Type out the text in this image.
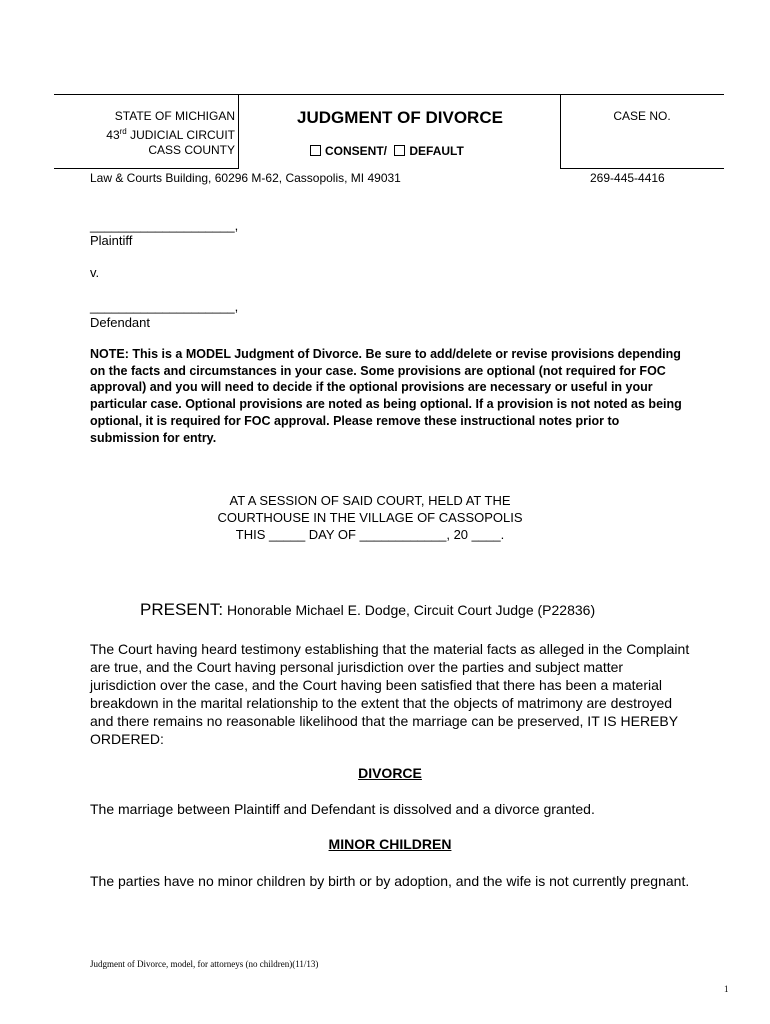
STATE OF MICHIGAN
43rd JUDICIAL CIRCUIT
CASS COUNTY
JUDGMENT OF DIVORCE
CONSENT/ DEFAULT
CASE NO.
Law & Courts Building, 60296 M-62, Cassopolis, MI 49031	269-445-4416
____________________,
Plaintiff
v.
____________________,
Defendant
NOTE: This is a MODEL Judgment of Divorce. Be sure to add/delete or revise provisions depending on the facts and circumstances in your case. Some provisions are optional (not required for FOC approval) and you will need to decide if the optional provisions are necessary or useful in your particular case. Optional provisions are noted as being optional. If a provision is not noted as being optional, it is required for FOC approval. Please remove these instructional notes prior to submission for entry.
AT A SESSION OF SAID COURT, HELD AT THE
COURTHOUSE IN THE VILLAGE OF CASSOPOLIS
THIS _____ DAY OF ____________, 20 ____.
PRESENT: Honorable Michael E. Dodge, Circuit Court Judge (P22836)
The Court having heard testimony establishing that the material facts as alleged in the Complaint are true, and the Court having personal jurisdiction over the parties and subject matter jurisdiction over the case, and the Court having been satisfied that there has been a material breakdown in the marital relationship to the extent that the objects of matrimony are destroyed and there remains no reasonable likelihood that the marriage can be preserved, IT IS HEREBY ORDERED:
DIVORCE
The marriage between Plaintiff and Defendant is dissolved and a divorce granted.
MINOR CHILDREN
The parties have no minor children by birth or by adoption, and the wife is not currently pregnant.
Judgment of Divorce, model, for attorneys (no children)(11/13)
1
